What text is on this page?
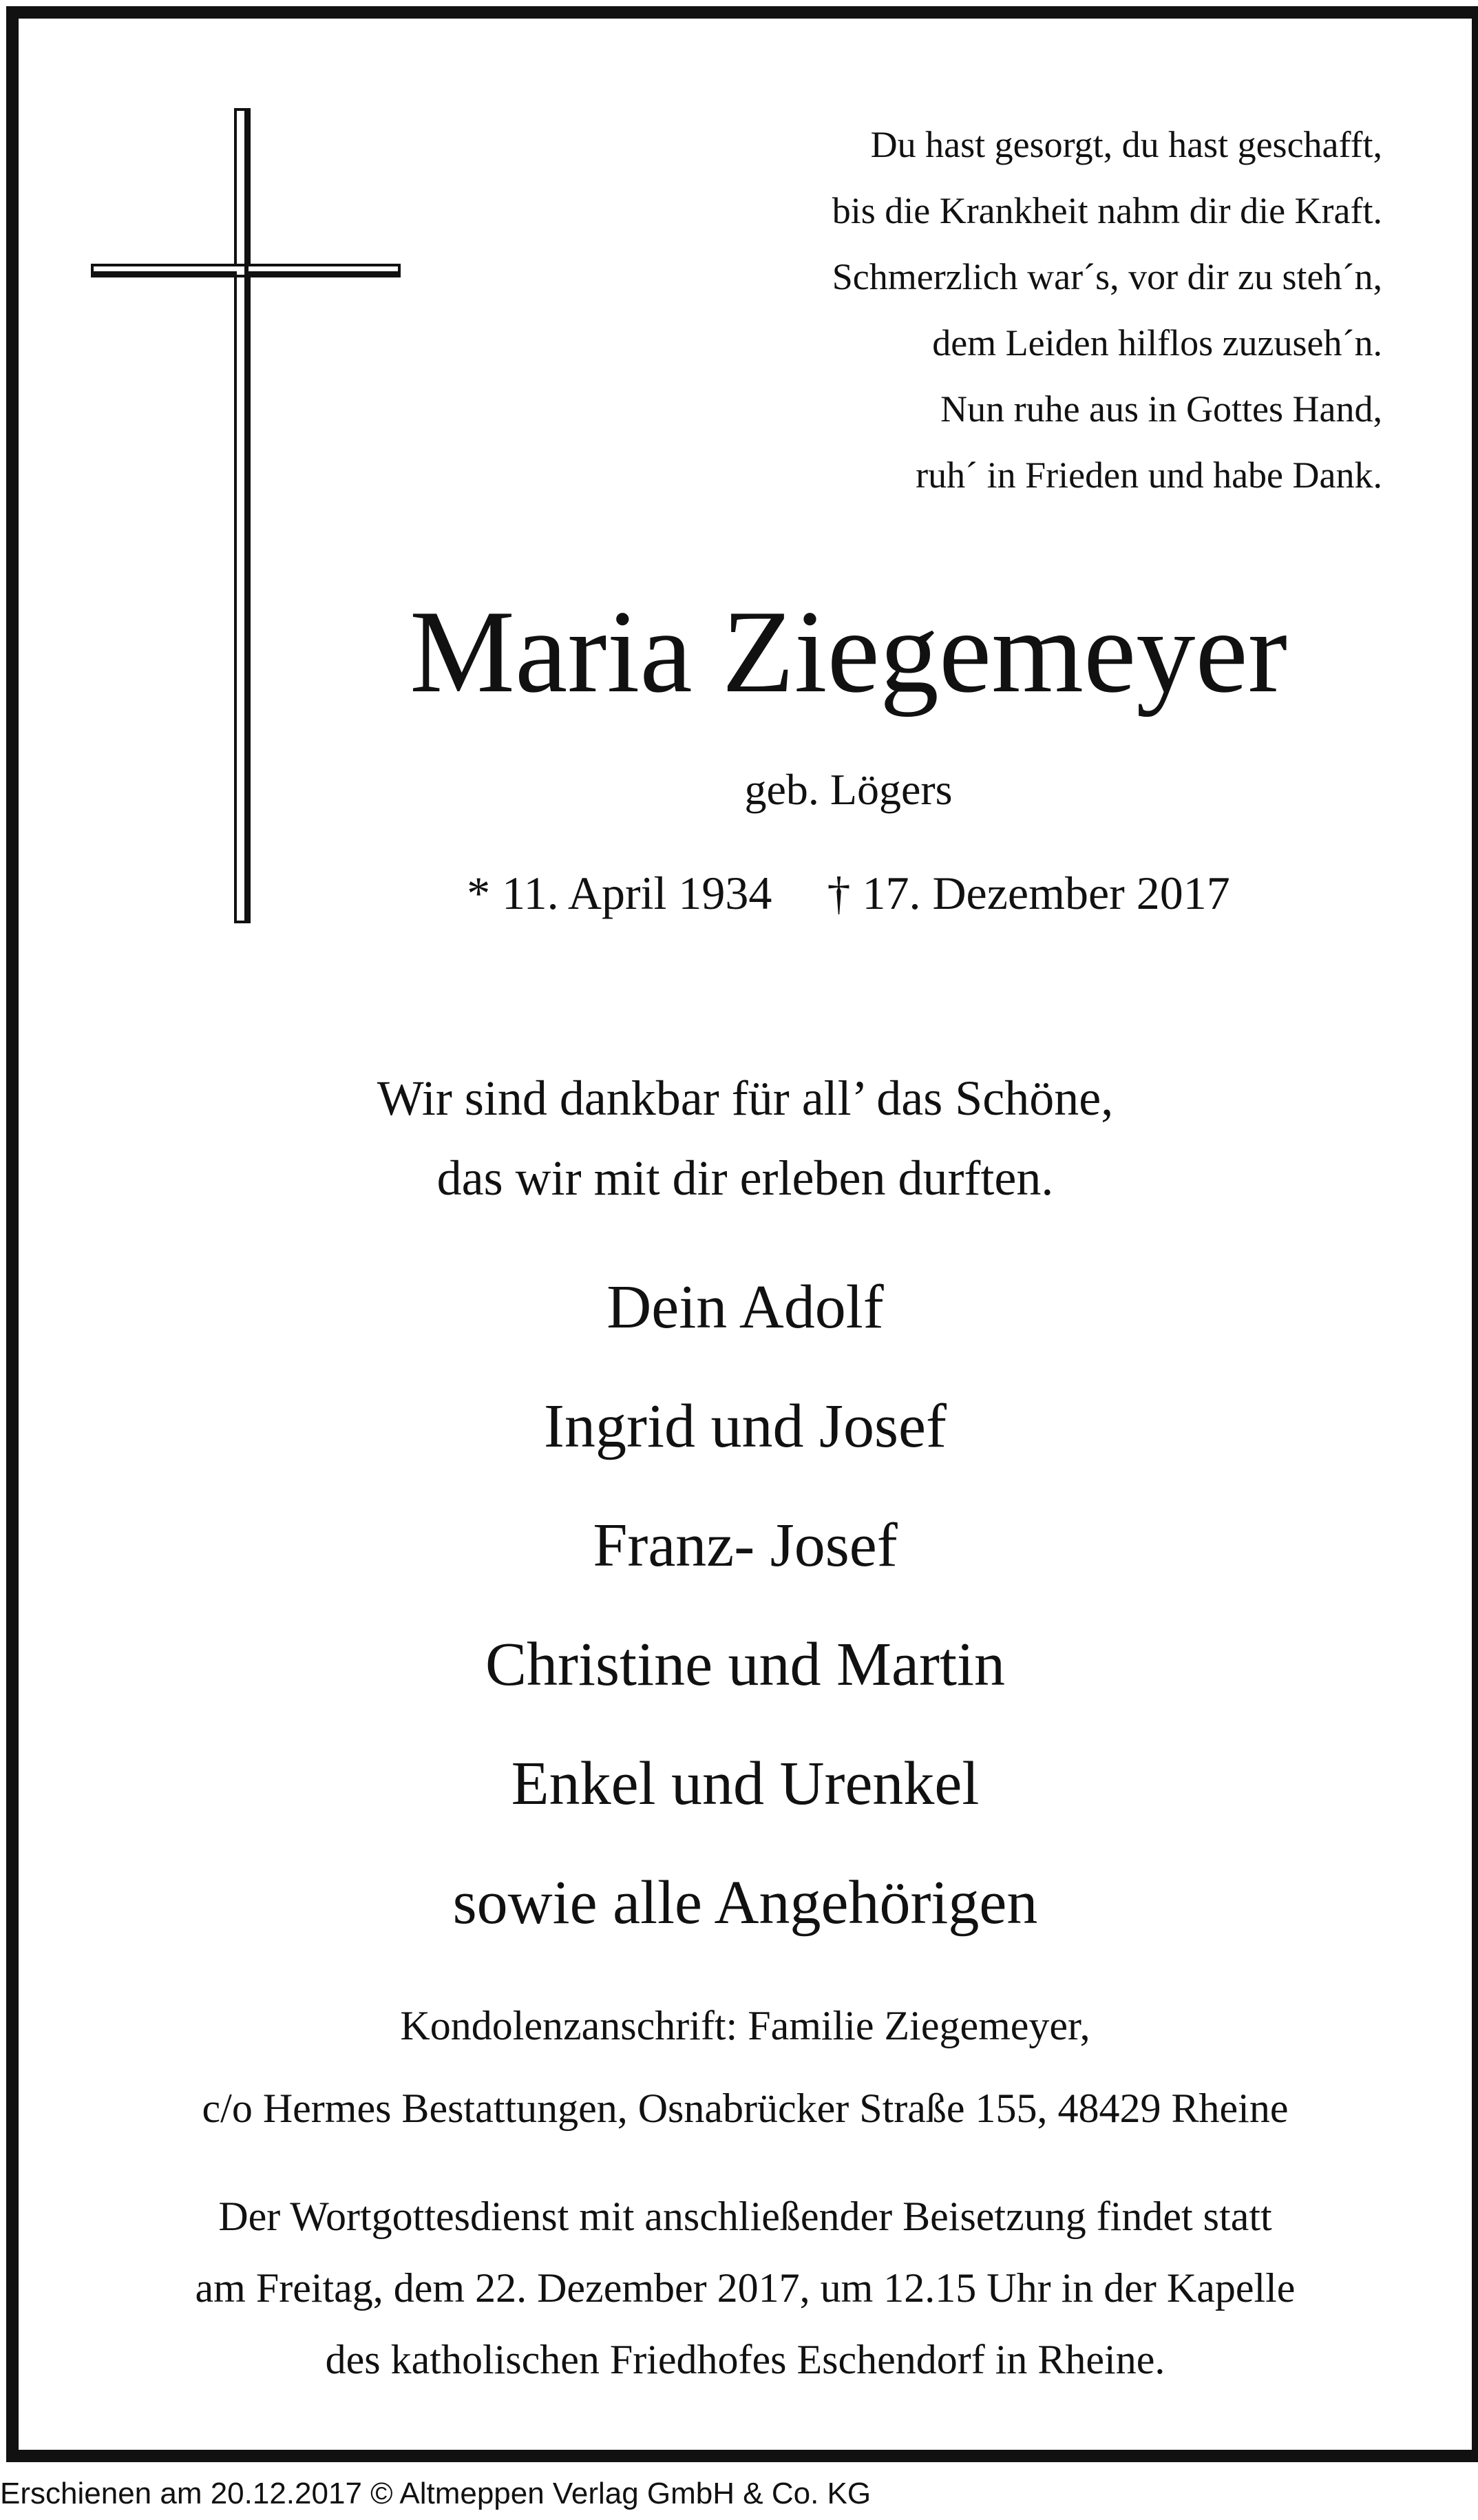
Du hast gesorgt, du hast geschafft,
bis die Krankheit nahm dir die Kraft.
Schmerzlich war´s, vor dir zu steh´n,
dem Leiden hilflos zuzuseh´n.
Nun ruhe aus in Gottes Hand,
ruh´ in Frieden und habe Dank.
Maria Ziegemeyer
geb. Lögers
* 11. April 1934 † 17. Dezember 2017
Wir sind dankbar für all’ das Schöne,
das wir mit dir erleben durften.
Dein Adolf
Ingrid und Josef
Franz- Josef
Christine und Martin
Enkel und Urenkel
sowie alle Angehörigen
Kondolenzanschrift: Familie Ziegemeyer,
c/o Hermes Bestattungen, Osnabrücker Straße 155, 48429 Rheine
Der Wortgottesdienst mit anschließender Beisetzung findet statt
am Freitag, dem 22. Dezember 2017, um 12.15 Uhr in der Kapelle
des katholischen Friedhofes Eschendorf in Rheine.
Erschienen am 20.12.2017 © Altmeppen Verlag GmbH & Co. KG
